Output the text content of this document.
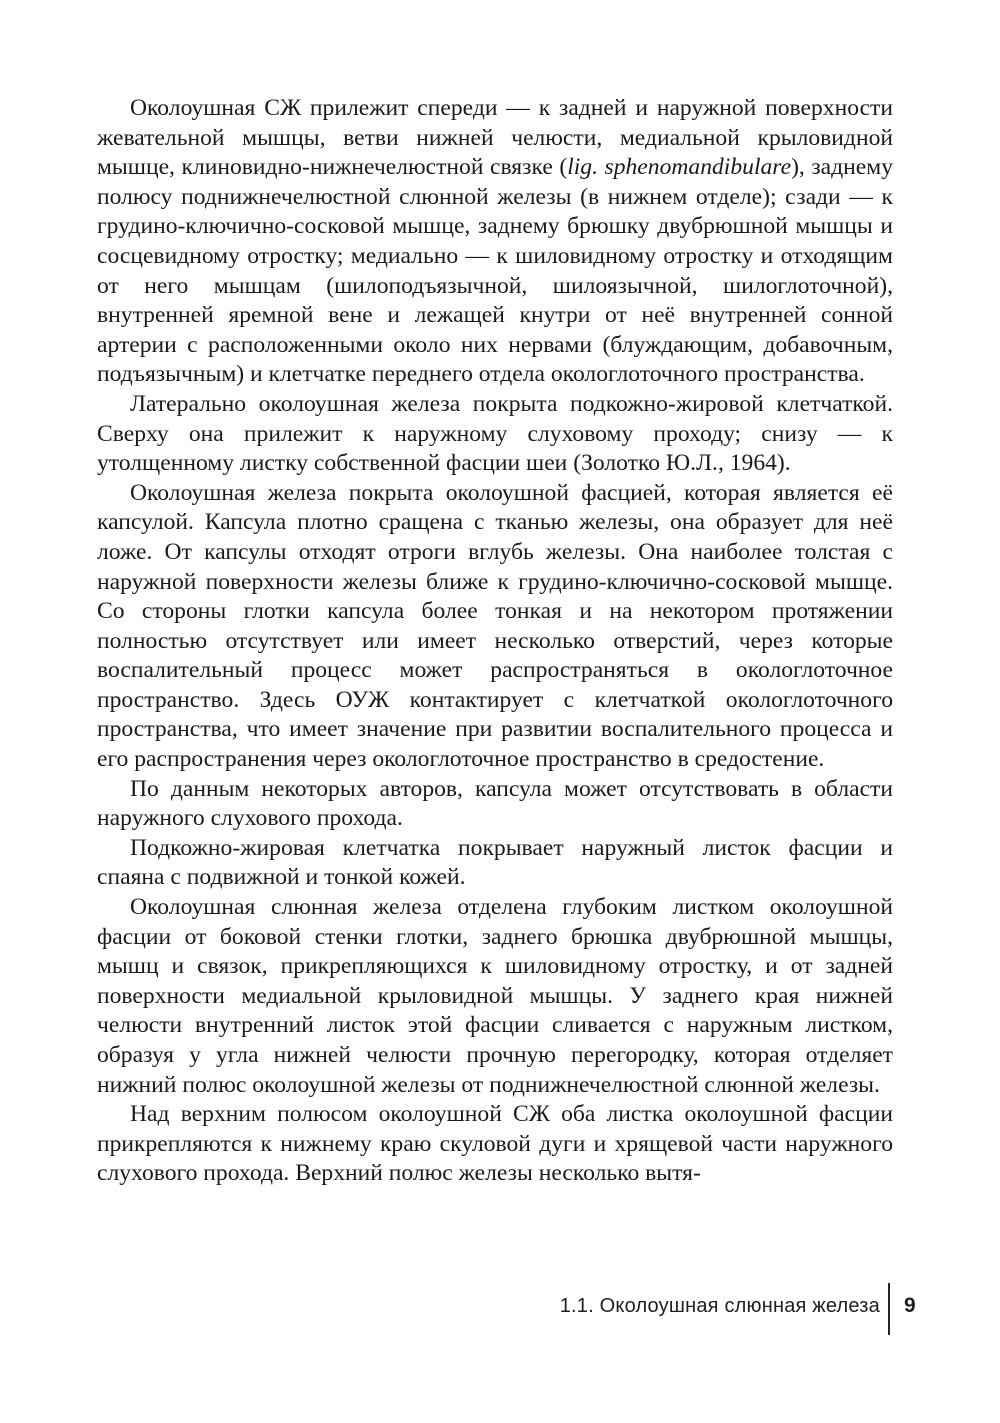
Околоушная СЖ прилежит спереди — к задней и наружной поверхности жевательной мышцы, ветви нижней челюсти, медиальной крыловидной мышце, клиновидно-нижнечелюстной связке (lig. sphenomandibulare), заднему полюсу поднижнечелюстной слюнной железы (в нижнем отделе); сзади — к грудино-ключично-сосковой мышце, заднему брюшку двубрюшной мышцы и сосцевидному отростку; медиально — к шиловидному отростку и отходящим от него мышцам (шилоподъязычной, шилоязычной, шилоглоточной), внутренней яремной вене и лежащей кнутри от неё внутренней сонной артерии с расположенными около них нервами (блуждающим, добавочным, подъязычным) и клетчатке переднего отдела окологлоточного пространства.

Латерально околоушная железа покрыта подкожно-жировой клетчаткой. Сверху она прилежит к наружному слуховому проходу; снизу — к утолщенному листку собственной фасции шеи (Золотко Ю.Л., 1964).

Околоушная железа покрыта околоушной фасцией, которая является её капсулой. Капсула плотно сращена с тканью железы, она образует для неё ложе. От капсулы отходят отроги вглубь железы. Она наиболее толстая с наружной поверхности железы ближе к грудино-ключично-сосковой мышце. Со стороны глотки капсула более тонкая и на некотором протяжении полностью отсутствует или имеет несколько отверстий, через которые воспалительный процесс может распространяться в окологлоточное пространство. Здесь ОУЖ контактирует с клетчаткой окологлоточного пространства, что имеет значение при развитии воспалительного процесса и его распространения через окологлоточное пространство в средостение.

По данным некоторых авторов, капсула может отсутствовать в области наружного слухового прохода.

Подкожно-жировая клетчатка покрывает наружный листок фасции и спаяна с подвижной и тонкой кожей.

Околоушная слюнная железа отделена глубоким листком околоушной фасции от боковой стенки глотки, заднего брюшка двубрюшной мышцы, мышц и связок, прикрепляющихся к шиловидному отростку, и от задней поверхности медиальной крыловидной мышцы. У заднего края нижней челюсти внутренний листок этой фасции сливается с наружным листком, образуя у угла нижней челюсти прочную перегородку, которая отделяет нижний полюс околоушной железы от поднижнечелюстной слюнной железы.

Над верхним полюсом околоушной СЖ оба листка околоушной фасции прикрепляются к нижнему краю скуловой дуги и хрящевой части наружного слухового прохода. Верхний полюс железы несколько вытя-

1.1. Околоушная слюнная железа 9
